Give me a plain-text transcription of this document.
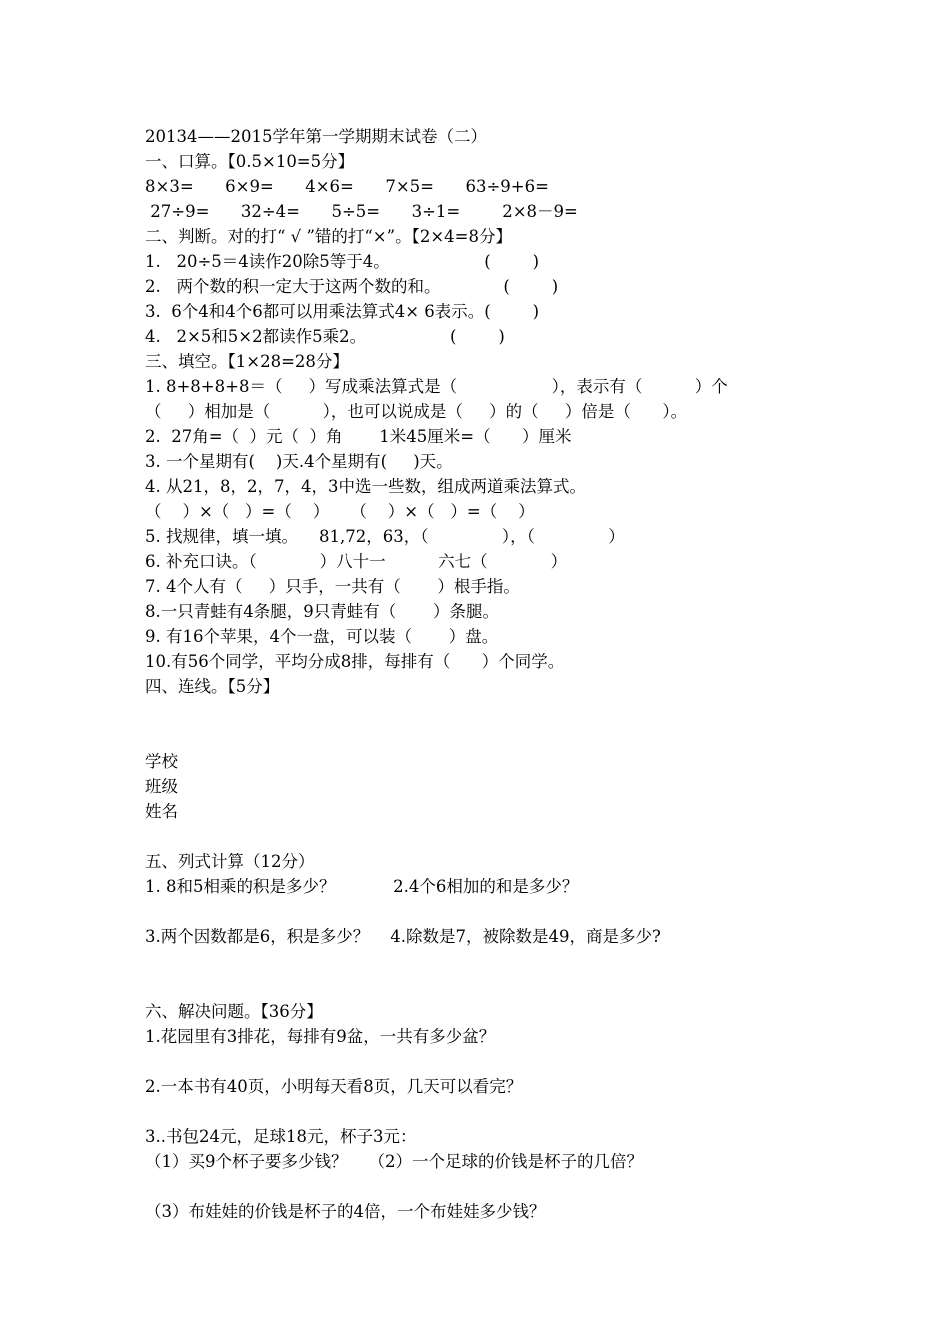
20134——2015学年第一学期期末试卷（二）
一、口算。【0.5×10=5分】
8×3=      6×9=      4×6=      7×5=      63÷9+6=
27÷9=      32÷4=      5÷5=      3÷1=        2×8－9=
二、判断。对的打“ √ ”错的打“×”。【2×4=8分】
1.   20÷5＝4读作20除5等于4。                  (        )
2.   两个数的积一定大于这两个数的和。            (        )
3.  6个4和4个6都可以用乘法算式4× 6表示。(        )
4.   2×5和5×2都读作5乘2。                (        )
三、填空。【1×28=28分】
1. 8+8+8+8＝（     ）写成乘法算式是（                  ），表示有（          ）个
（     ）相加是（          ），也可以说成是（     ）的（     ）倍是（      ）。
2.  27角=（  ）元（  ）角       1米45厘米=（      ）厘米
3. 一个星期有(    )天.4个星期有(     )天。
4. 从21，8，2，7，4，3中选一些数，组成两道乘法算式。
（    ）×（   ）=（    ）    （    ）×（   ）=（    ）
5. 找规律，填一填。    81,72，63，（              ），（              ）
6. 补充口诀。（            ）八十一          六七（            ）
7. 4个人有（     ）只手，一共有（       ）根手指。
8.一只青蛙有4条腿，9只青蛙有（       ）条腿。
9. 有16个苹果，4个一盘，可以装（       ）盘。
10.有56个同学，平均分成8排，每排有（      ）个同学。
四、连线。【5分】
学校
班级
姓名
五、列式计算（12分）
1. 8和5相乘的积是多少？           2.4个6相加的和是多少？
3.两个因数都是6，积是多少？    4.除数是7，被除数是49，商是多少?
六、解决问题。【36分】
1.花园里有3排花，每排有9盆，一共有多少盆？
2.一本书有40页，小明每天看8页，几天可以看完？
3..书包24元，足球18元，杯子3元：
（1）买9个杯子要多少钱？    （2）一个足球的价钱是杯子的几倍？
（3）布娃娃的价钱是杯子的4倍，一个布娃娃多少钱？
